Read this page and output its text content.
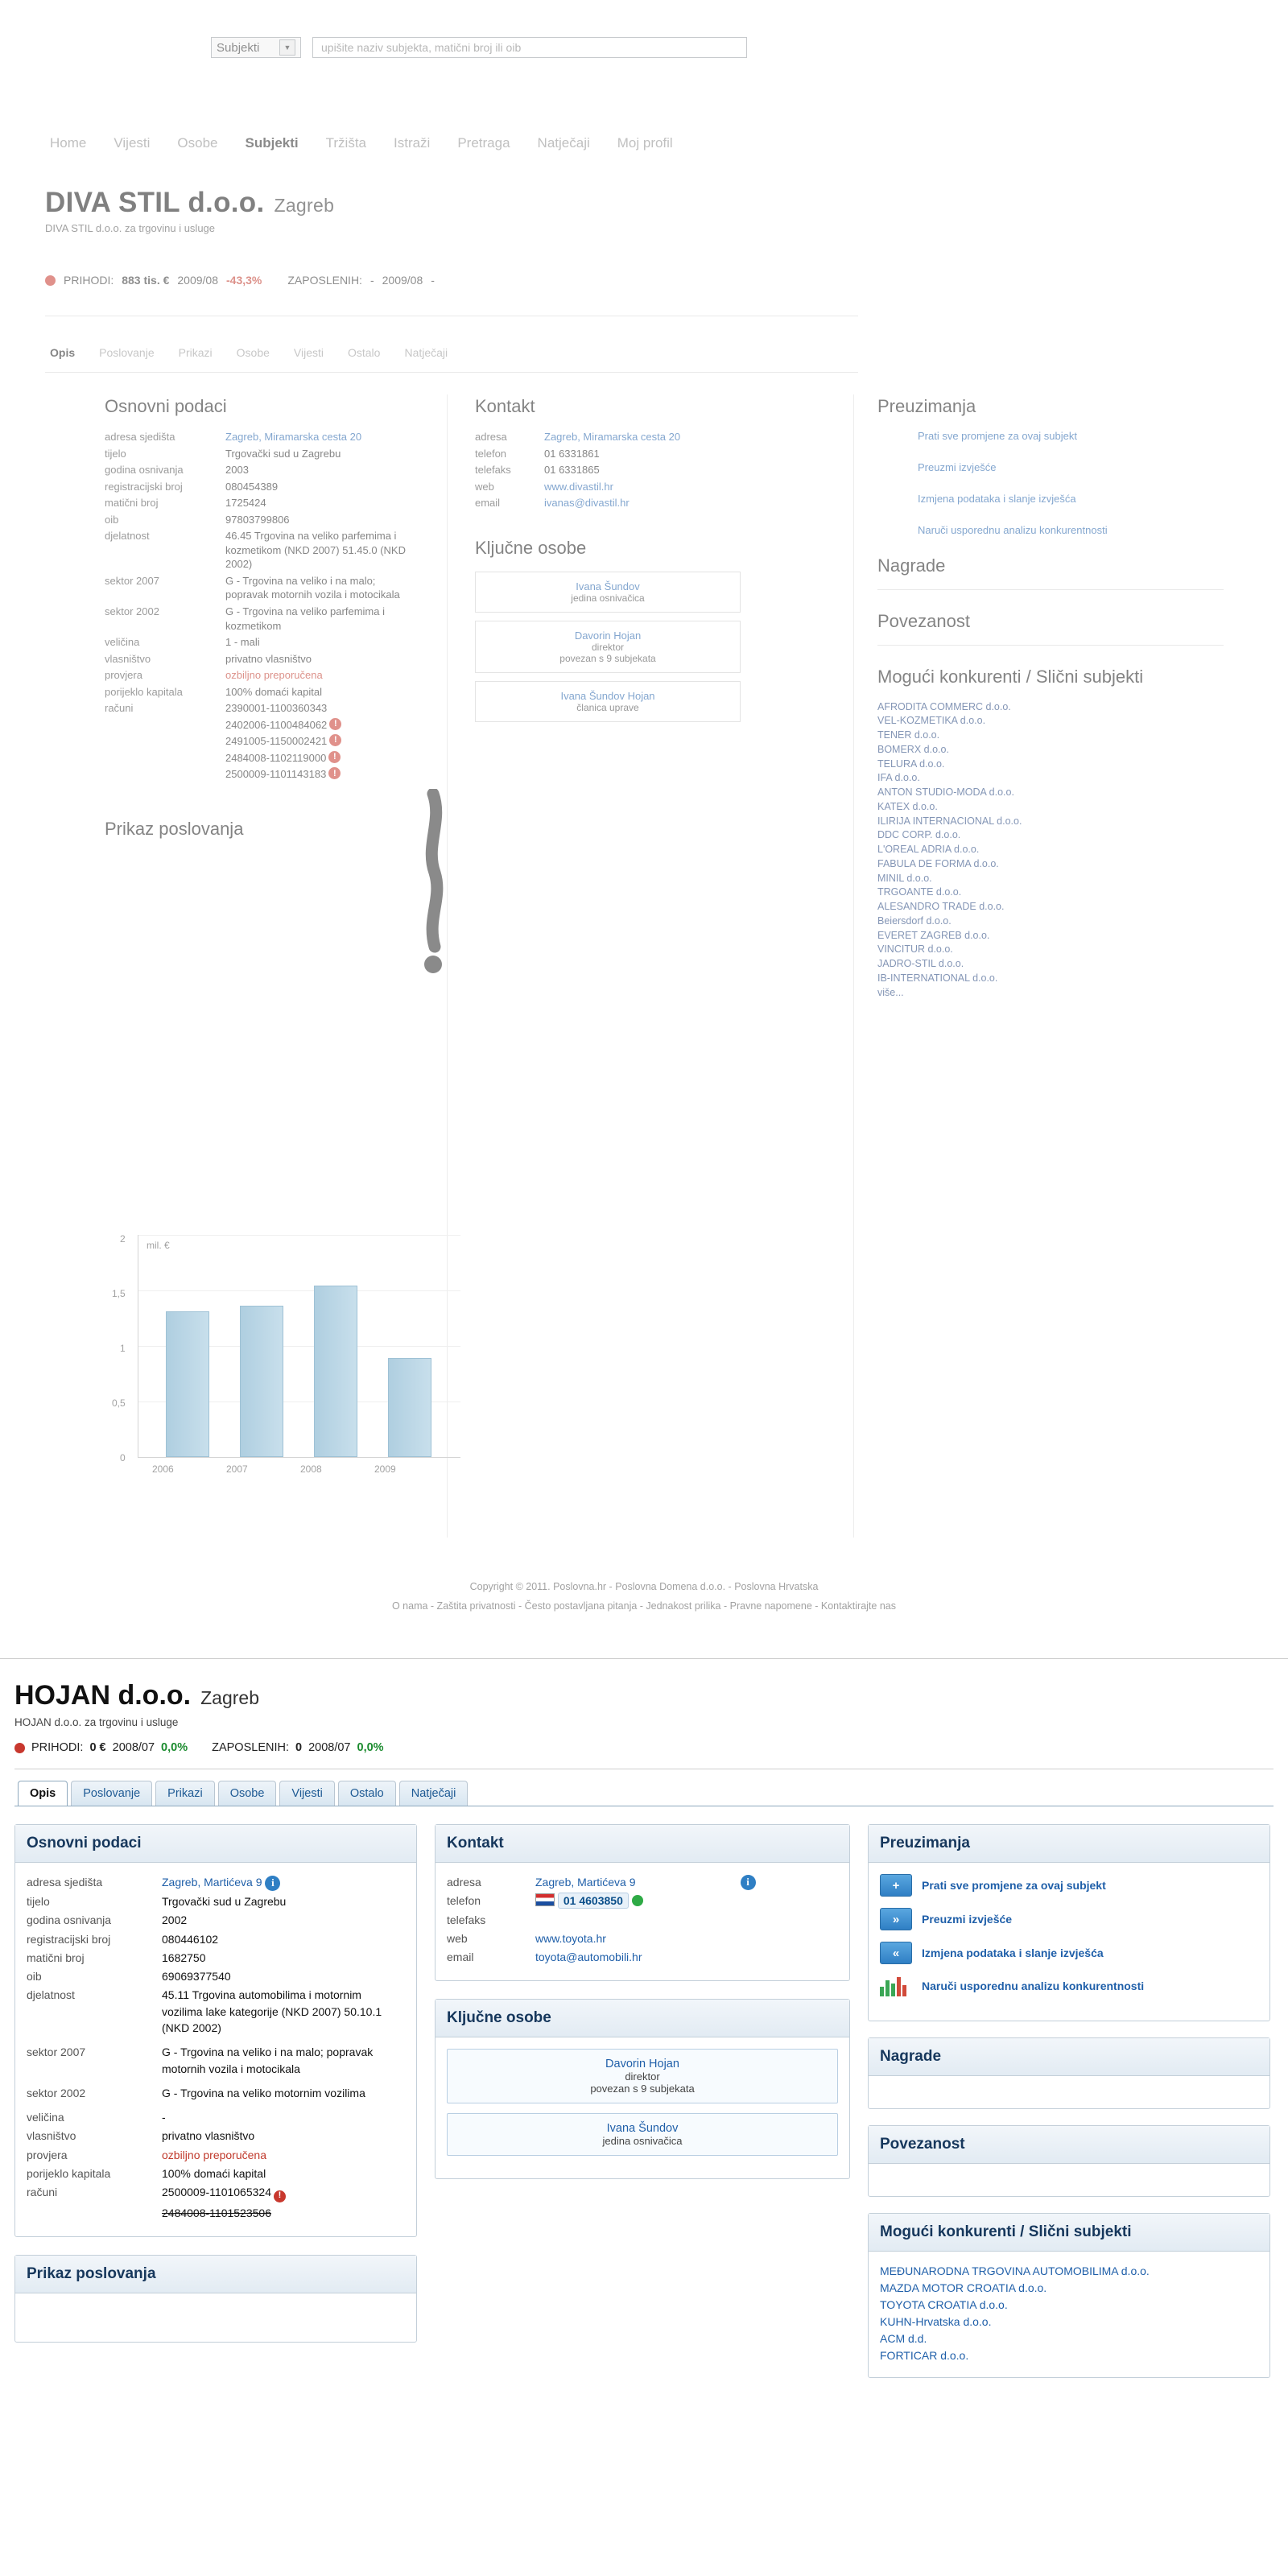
Subjekti	▼	upišite naziv subjekta, matični broj ili oib
Home Vijesti Osobe Subjekti Tržišta Istraži Pretraga Natječaji Moj profil
DIVA STIL d.o.o. Zagreb
DIVA STIL d.o.o. za trgovinu i usluge
PRIHODI: 883 tis. € 2009/08 -43,3% ZAPOSLENIH: - 2009/08 -
Opis Poslovanje Prikazi Osobe Vijesti Ostalo Natječaji
Osnovni podaci
adresa sjedišta	Zagreb, Miramarska cesta 20
tijelo	Trgovački sud u Zagrebu
godina osnivanja	2003
registracijski broj	080454389
matični broj	1725424
oib	97803799806
djelatnost	46.45 Trgovina na veliko parfemima i kozmetikom (NKD 2007) 51.45.0 (NKD 2002)
sektor 2007	G - Trgovina na veliko i na malo; popravak motornih vozila i motocikala
sektor 2002	G - Trgovina na veliko parfemima i kozmetikom
veličina	1 - mali
vlasništvo	privatno vlasništvo
provjera	ozbiljno preporučena
porijeklo kapitala	100% domaći kapital
računi	2390001-1100360343
2402006-1100484062 !
2491005-1150002421 !
2484008-1102119000 !
2500009-1101143183 !
Prikaz poslovanja
Kontakt
adresa	Zagreb, Miramarska cesta 20
telefon	01 6331861
telefaks	01 6331865
web	www.divastil.hr
email	ivanas@divastil.hr
Ključne osobe
Ivana Šundov
jedina osnivačica
Davorin Hojan
direktor
povezan s 9 subjekata
Ivana Šundov Hojan
članica uprave
Preuzimanja
Prati sve promjene za ovaj subjekt
Preuzmi izvješće
Izmjena podataka i slanje izvješća
Naruči usporednu analizu konkurentnosti
Nagrade
Povezanost
Mogući konkurenti / Slični subjekti
AFRODITA COMMERC d.o.o.
VEL-KOZMETIKA d.o.o.
TENER d.o.o.
BOMERX d.o.o.
TELURA d.o.o.
IFA d.o.o.
ANTON STUDIO-MODA d.o.o.
KATEX d.o.o.
ILIRIJA INTERNACIONAL d.o.o.
DDC CORP. d.o.o.
L'OREAL ADRIA d.o.o.
FABULA DE FORMA d.o.o.
MINIL d.o.o.
TRGOANTE d.o.o.
ALESANDRO TRADE d.o.o.
Beiersdorf d.o.o.
EVERET ZAGREB d.o.o.
VINCITUR d.o.o.
JADRO-STIL d.o.o.
IB-INTERNATIONAL d.o.o.
više...
mil. €
0
0,5
1
1,5
2
2006	2007	2008	2009
Copyright © 2011. Poslovna.hr - Poslovna Domena d.o.o. - Poslovna Hrvatska
O nama - Zaštita privatnosti - Često postavljana pitanja - Jednakost prilika - Pravne napomene - Kontaktirajte nas
HOJAN d.o.o. Zagreb
HOJAN d.o.o. za trgovinu i usluge
PRIHODI: 0 € 2008/07 0,0% ZAPOSLENIH: 0 2008/07 0,0%
Opis	Poslovanje	Prikazi	Osobe	Vijesti	Ostalo	Natječaji
Osnovni podaci
adresa sjedišta	Zagreb, Martićeva 9 i
tijelo	Trgovački sud u Zagrebu
godina osnivanja	2002
registracijski broj	080446102
matični broj	1682750
oib	69069377540
djelatnost	45.11 Trgovina automobilima i motornim vozilima lake kategorije (NKD 2007) 50.10.1 (NKD 2002)
sektor 2007	G - Trgovina na veliko i na malo; popravak motornih vozila i motocikala
sektor 2002	G - Trgovina na veliko motornim vozilima
veličina	-
vlasništvo	privatno vlasništvo
provjera	ozbiljno preporučena
porijeklo kapitala	100% domaći kapital
računi	2500009-1101065324 !
2484008-1101523506
Prikaz poslovanja
Kontakt
adresa	Zagreb, Martićeva 9	i
telefon	01 4603850
telefaks
web	www.toyota.hr
email	toyota@automobili.hr
Ključne osobe
Davorin Hojan
direktor
povezan s 9 subjekata
Ivana Šundov
jedina osnivačica
Preuzimanja
+	Prati sve promjene za ovaj subjekt
»	Preuzmi izvješće
«	Izmjena podataka i slanje izvješća
Naruči usporednu analizu konkurentnosti
Nagrade
Povezanost
Mogući konkurenti / Slični subjekti
MEĐUNARODNA TRGOVINA AUTOMOBILIMA d.o.o.
MAZDA MOTOR CROATIA d.o.o.
TOYOTA CROATIA d.o.o.
KUHN-Hrvatska d.o.o.
ACM d.d.
FORTICAR d.o.o.
